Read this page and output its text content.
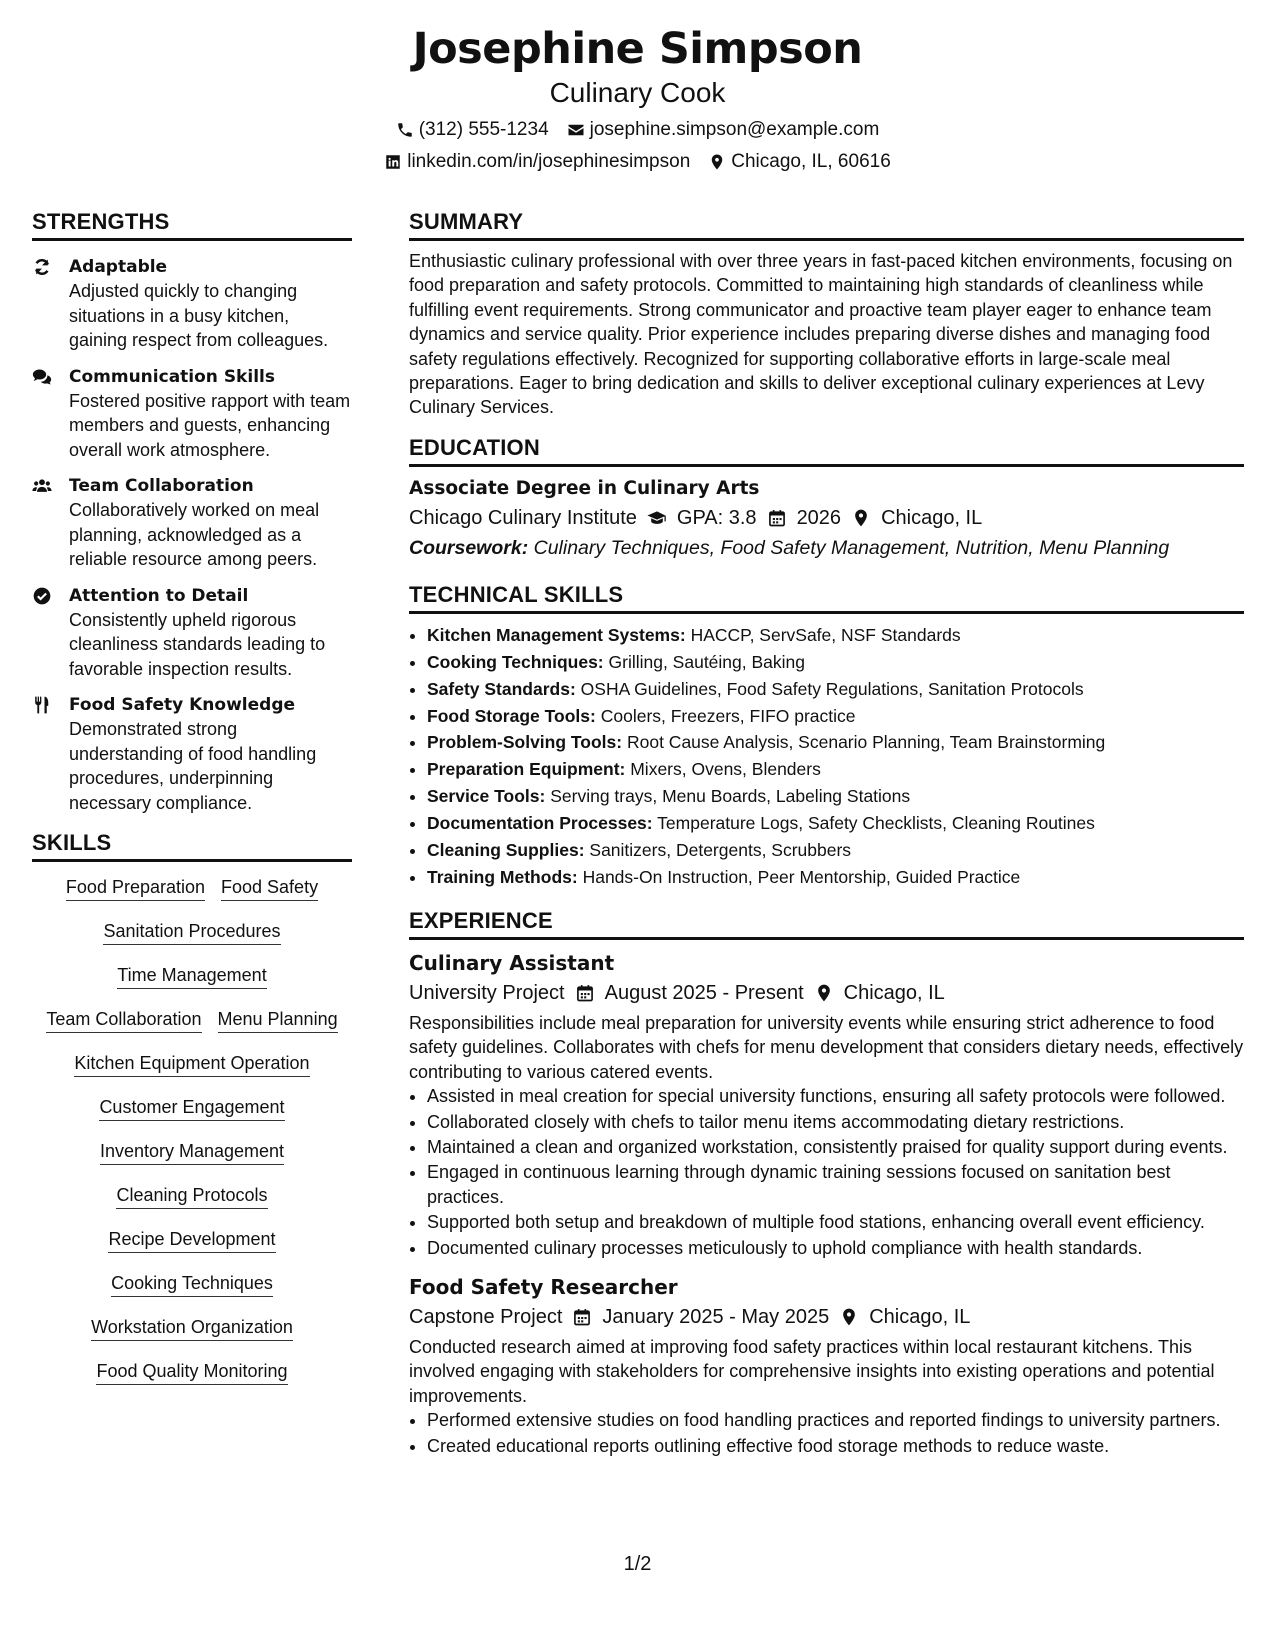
Josephine Simpson
Culinary Cook
(312) 555-1234 josephine.simpson@example.com
linkedin.com/in/josephinesimpson Chicago, IL, 60616
STRENGTHS
Adaptable
Adjusted quickly to changing situations in a busy kitchen, gaining respect from colleagues.
Communication Skills
Fostered positive rapport with team members and guests, enhancing overall work atmosphere.
Team Collaboration
Collaboratively worked on meal planning, acknowledged as a reliable resource among peers.
Attention to Detail
Consistently upheld rigorous cleanliness standards leading to favorable inspection results.
Food Safety Knowledge
Demonstrated strong understanding of food handling procedures, underpinning necessary compliance.
SKILLS
Food Preparation Food Safety
Sanitation Procedures
Time Management
Team Collaboration Menu Planning
Kitchen Equipment Operation
Customer Engagement
Inventory Management
Cleaning Protocols
Recipe Development
Cooking Techniques
Workstation Organization
Food Quality Monitoring
SUMMARY

Enthusiastic culinary professional with over three years in fast-paced kitchen environments, focusing on food preparation and safety protocols. Committed to maintaining high standards of cleanliness while fulfilling event requirements. Strong communicator and proactive team player eager to enhance team dynamics and service quality. Prior experience includes preparing diverse dishes and managing food safety regulations effectively. Recognized for supporting collaborative efforts in large-scale meal preparations. Eager to bring dedication and skills to deliver exceptional culinary experiences at Levy Culinary Services.

EDUCATION
Associate Degree in Culinary Arts
Chicago Culinary Institute GPA: 3.8 2026 Chicago, IL
Coursework: Culinary Techniques, Food Safety Management, Nutrition, Menu Planning
TECHNICAL SKILLS
• Kitchen Management Systems: HACCP, ServSafe, NSF Standards
• Cooking Techniques: Grilling, Sautéing, Baking
• Safety Standards: OSHA Guidelines, Food Safety Regulations, Sanitation Protocols
• Food Storage Tools: Coolers, Freezers, FIFO practice
• Problem-Solving Tools: Root Cause Analysis, Scenario Planning, Team Brainstorming
• Preparation Equipment: Mixers, Ovens, Blenders
• Service Tools: Serving trays, Menu Boards, Labeling Stations
• Documentation Processes: Temperature Logs, Safety Checklists, Cleaning Routines
• Cleaning Supplies: Sanitizers, Detergents, Scrubbers
• Training Methods: Hands-On Instruction, Peer Mentorship, Guided Practice
EXPERIENCE
Culinary Assistant
University Project August 2025 - Present Chicago, IL
Responsibilities include meal preparation for university events while ensuring strict adherence to food safety guidelines. Collaborates with chefs for menu development that considers dietary needs, effectively contributing to various catered events.
• Assisted in meal creation for special university functions, ensuring all safety protocols were followed.
• Collaborated closely with chefs to tailor menu items accommodating dietary restrictions.
• Maintained a clean and organized workstation, consistently praised for quality support during events.
• Engaged in continuous learning through dynamic training sessions focused on sanitation best practices.
• Supported both setup and breakdown of multiple food stations, enhancing overall event efficiency.
• Documented culinary processes meticulously to uphold compliance with health standards.
Food Safety Researcher
Capstone Project January 2025 - May 2025 Chicago, IL
Conducted research aimed at improving food safety practices within local restaurant kitchens. This involved engaging with stakeholders for comprehensive insights into existing operations and potential improvements.
• Performed extensive studies on food handling practices and reported findings to university partners.
• Created educational reports outlining effective food storage methods to reduce waste.
1/2
